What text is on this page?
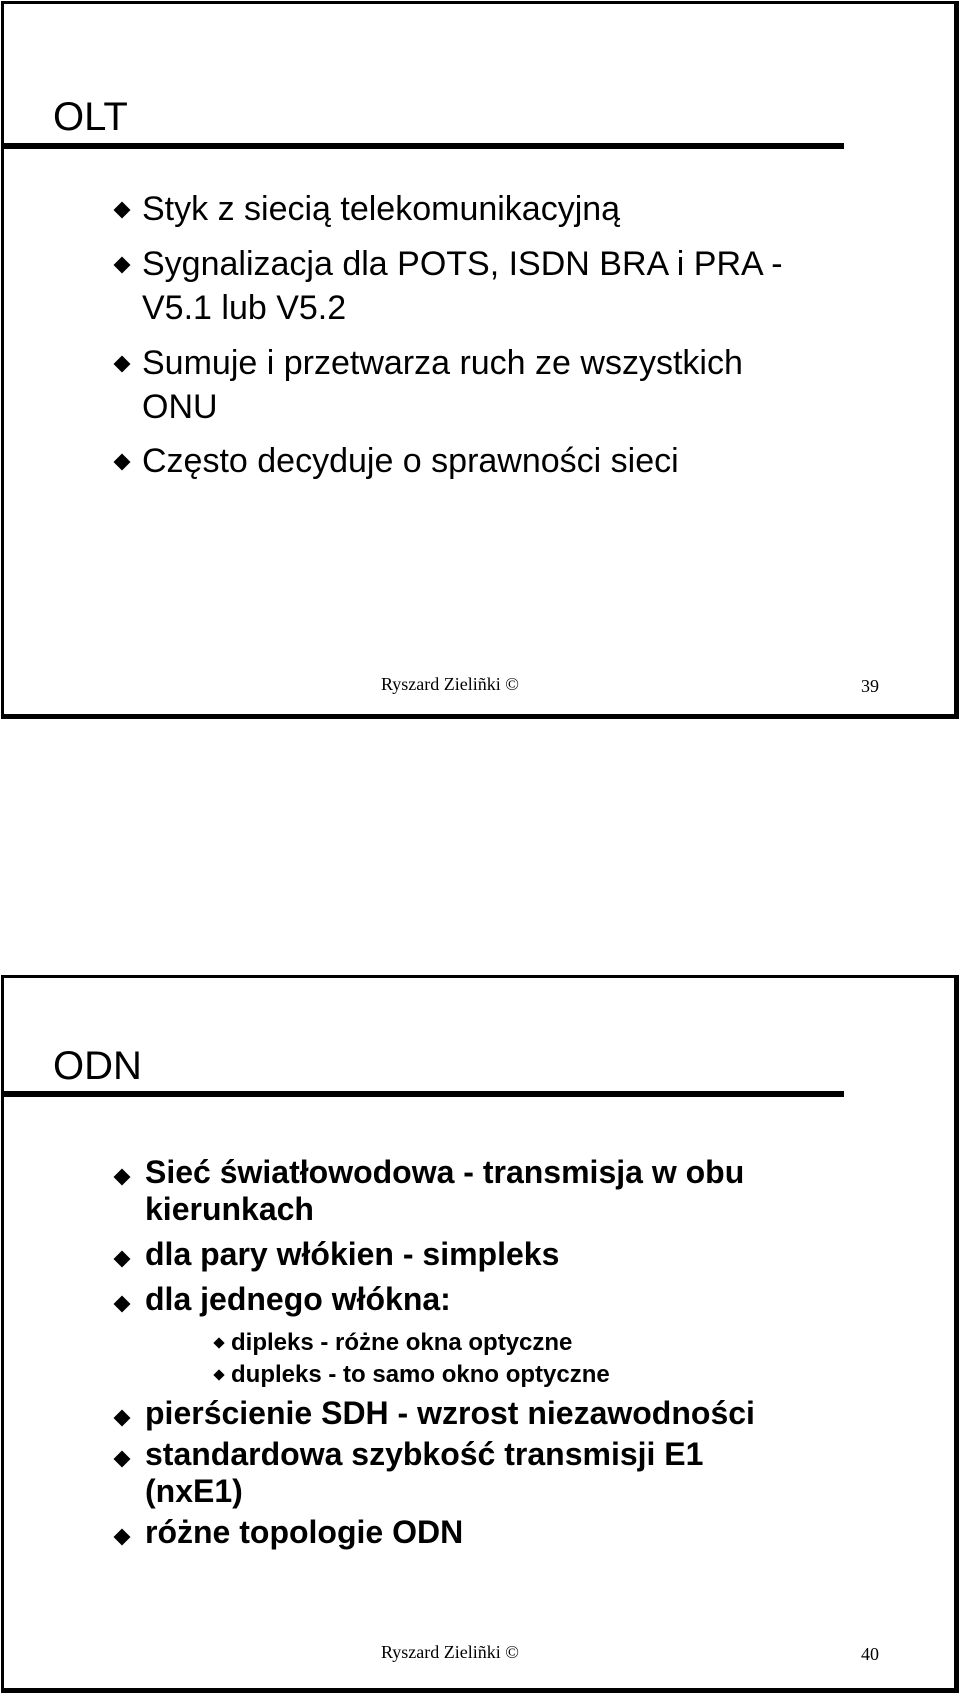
OLT
Styk z siecią telekomunikacyjną
Sygnalizacja dla POTS, ISDN BRA i PRA -
V5.1 lub V5.2
Sumuje i przetwarza ruch ze wszystkich
ONU
Często decyduje o sprawności sieci
Ryszard Zieliñki ©	39
ODN
Sieć światłowodowa - transmisja w obu
kierunkach
dla pary włókien - simpleks
dla jednego włókna:
dipleks - różne okna optyczne
dupleks - to samo okno optyczne
pierścienie SDH - wzrost niezawodności
standardowa szybkość transmisji E1
(nxE1)
różne topologie ODN
Ryszard Zieliñki ©	40
